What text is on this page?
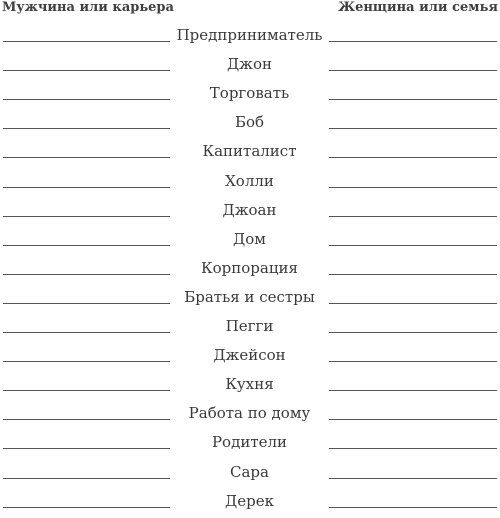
Мужчина или карьера	Женщина или семья
Предприниматель
Джон
Торговать
Боб
Капиталист
Холли
Джоан
Дом
Корпорация
Братья и сестры
Пегги
Джейсон
Кухня
Работа по дому
Родители
Сара
Дерек
